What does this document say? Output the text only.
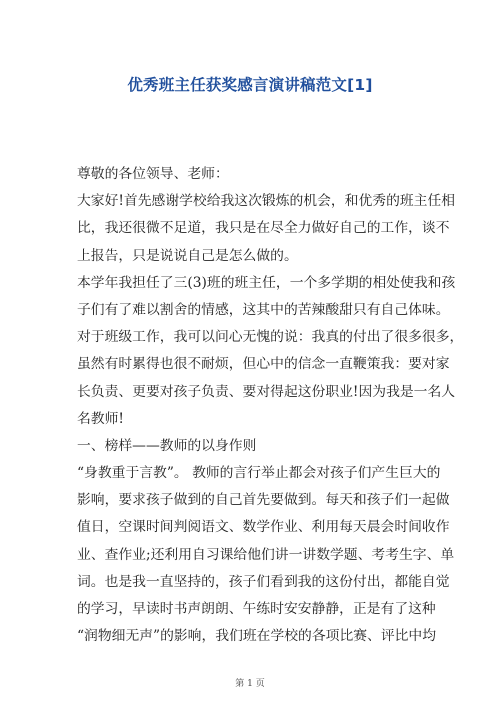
优秀班主任获奖感言演讲稿范文[1]
尊敬的各位领导、老师：
大家好!首先感谢学校给我这次锻炼的机会，和优秀的班主任相
比，我还很微不足道，我只是在尽全力做好自己的工作，谈不
上报告，只是说说自己是怎么做的。
本学年我担任了三(3)班的班主任，一个多学期的相处使我和孩
子们有了难以割舍的情感，这其中的苦辣酸甜只有自己体味。
对于班级工作，我可以问心无愧的说：我真的付出了很多很多，
虽然有时累得也很不耐烦，但心中的信念一直鞭策我：要对家
长负责、更要对孩子负责、要对得起这份职业!因为我是一名人
名教师!
一、榜样——教师的以身作则
“身教重于言教”。 教师的言行举止都会对孩子们产生巨大的
影响，要求孩子做到的自己首先要做到。每天和孩子们一起做
值日，空课时间判阅语文、数学作业、利用每天晨会时间收作
业、查作业;还利用自习课给他们讲一讲数学题、考考生字、单
词。也是我一直坚持的，孩子们看到我的这份付出，都能自觉
的学习，早读时书声朗朗、午练时安安静静，正是有了这种
“润物细无声”的影响，我们班在学校的各项比赛、评比中均
第 1 页
